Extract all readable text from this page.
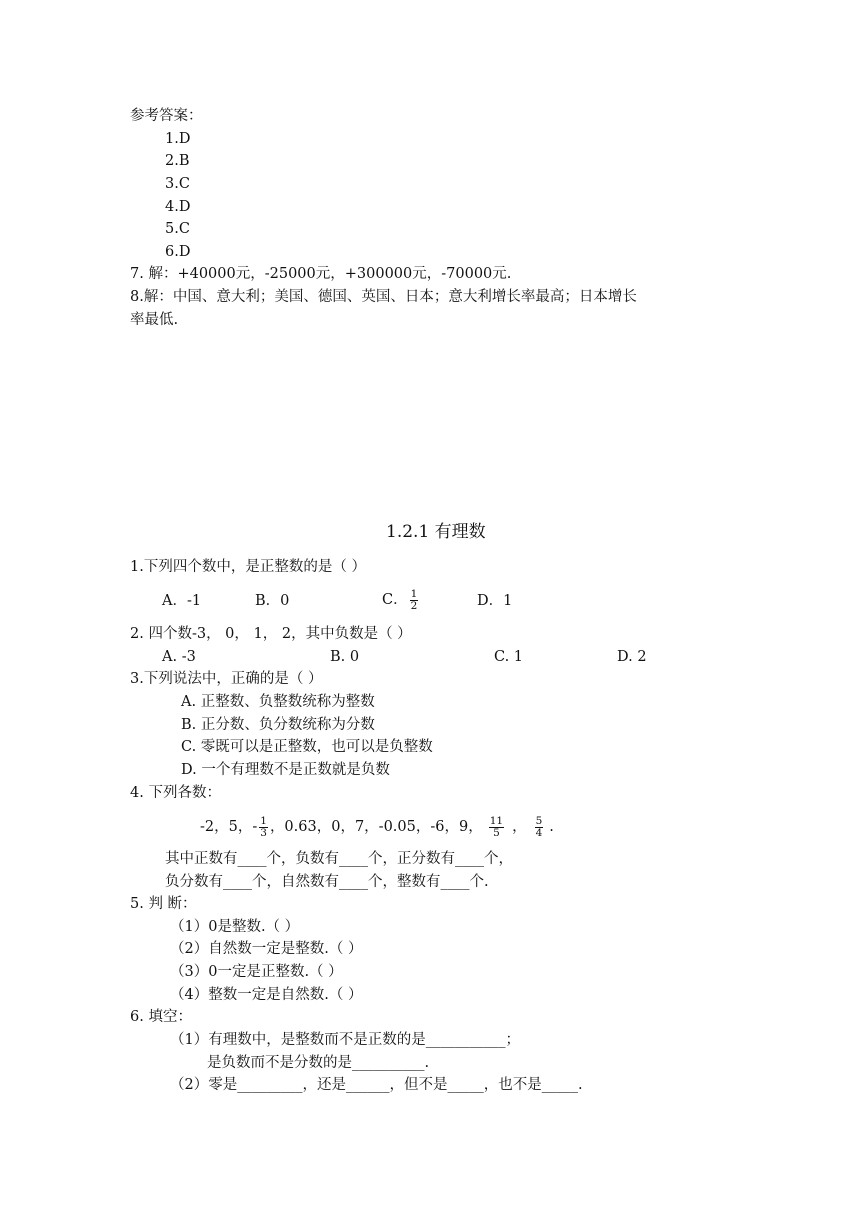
参考答案：
1.D
2.B
3.C
4.D
5.C
6.D
7. 解：+40000元，-25000元，+300000元，-70000元.
8.解：中国、意大利；美国、德国、英国、日本；意大利增长率最高；日本增长
率最低.
1.2.1 有理数
1.下列四个数中，是正整数的是（ ）
A．-1	B．0	C． $\frac{1}{2}$	D．1
2. 四个数-3， 0， 1， 2，其中负数是（ ）
A. -3	B. 0	C. 1	D. 2
3.下列说法中，正确的是（ ）
A. 正整数、负整数统称为整数
B. 正分数、负分数统称为分数
C. 零既可以是正整数，也可以是负整数
D. 一个有理数不是正数就是负数
4. 下列各数：
-2，5，- $\frac{1}{3}$ ，0.63，0，7，-0.05，-6，9， $\frac{11}{5}$ ， $\frac{5}{4}$ .
其中正数有____个，负数有____个，正分数有____个，
负分数有____个，自然数有____个，整数有____个.
5. 判 断：
（1）0是整数.（ ）
（2）自然数一定是整数.（ ）
（3）0一定是正整数.（ ）
（4）整数一定是自然数.（ ）
6. 填空：
（1）有理数中，是整数而不是正数的是___________；
是负数而不是分数的是__________.
（2）零是_________，还是______，但不是_____，也不是_____.
